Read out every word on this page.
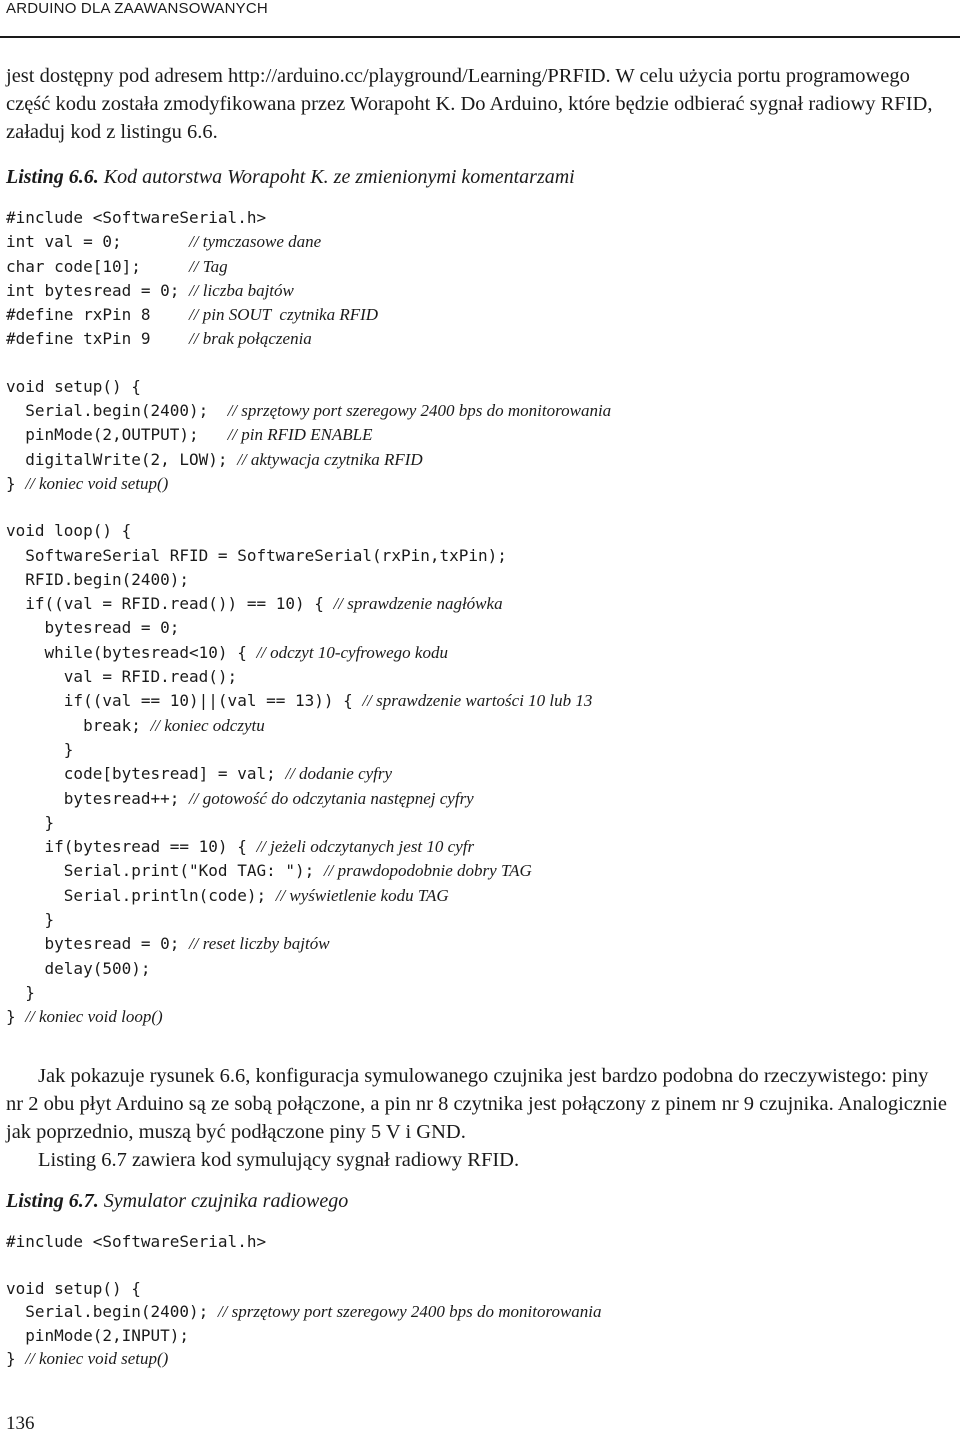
ARDUINO DLA ZAAWANSOWANYCH

jest dostępny pod adresem http://arduino.cc/playground/Learning/PRFID. W celu użycia portu programowego część kodu została zmodyfikowana przez Worapoht K. Do Arduino, które będzie odbierać sygnał radiowy RFID, załaduj kod z listingu 6.6.

Listing 6.6. Kod autorstwa Worapoht K. ze zmienionymi komentarzami
#include <SoftwareSerial.h>
int val = 0;       // tymczasowe dane
char code[10];     // Tag
int bytesread = 0; // liczba bajtów
#define rxPin 8    // pin SOUT  czytnika RFID
#define txPin 9    // brak połączenia
void setup() {
Serial.begin(2400);  // sprzętowy port szeregowy 2400 bps do monitorowania
pinMode(2,OUTPUT);   // pin RFID ENABLE
digitalWrite(2, LOW); // aktywacja czytnika RFID
} // koniec void setup()
void loop() {
SoftwareSerial RFID = SoftwareSerial(rxPin,txPin);
RFID.begin(2400);
if((val = RFID.read()) == 10) { // sprawdzenie nagłówka
bytesread = 0;
while(bytesread<10) { // odczyt 10-cyfrowego kodu
val = RFID.read();
if((val == 10)||(val == 13)) { // sprawdzenie wartości 10 lub 13
break; // koniec odczytu
}
code[bytesread] = val; // dodanie cyfry
bytesread++; // gotowość do odczytania następnej cyfry
}
if(bytesread == 10) { // jeżeli odczytanych jest 10 cyfr
Serial.print("Kod TAG: "); // prawdopodobnie dobry TAG
Serial.println(code); // wyświetlenie kodu TAG
}
bytesread = 0; // reset liczby bajtów
delay(500);
}
} // koniec void loop()

Jak pokazuje rysunek 6.6, konfiguracja symulowanego czujnika jest bardzo podobna do rzeczywistego: piny nr 2 obu płyt Arduino są ze sobą połączone, a pin nr 8 czytnika jest połączony z pinem nr 9 czujnika. Analogicznie jak poprzednio, muszą być podłączone piny 5 V i GND.

Listing 6.7 zawiera kod symulujący sygnał radiowy RFID.

Listing 6.7. Symulator czujnika radiowego
#include <SoftwareSerial.h>
void setup() {
Serial.begin(2400); // sprzętowy port szeregowy 2400 bps do monitorowania
pinMode(2,INPUT);
} // koniec void setup()
136
